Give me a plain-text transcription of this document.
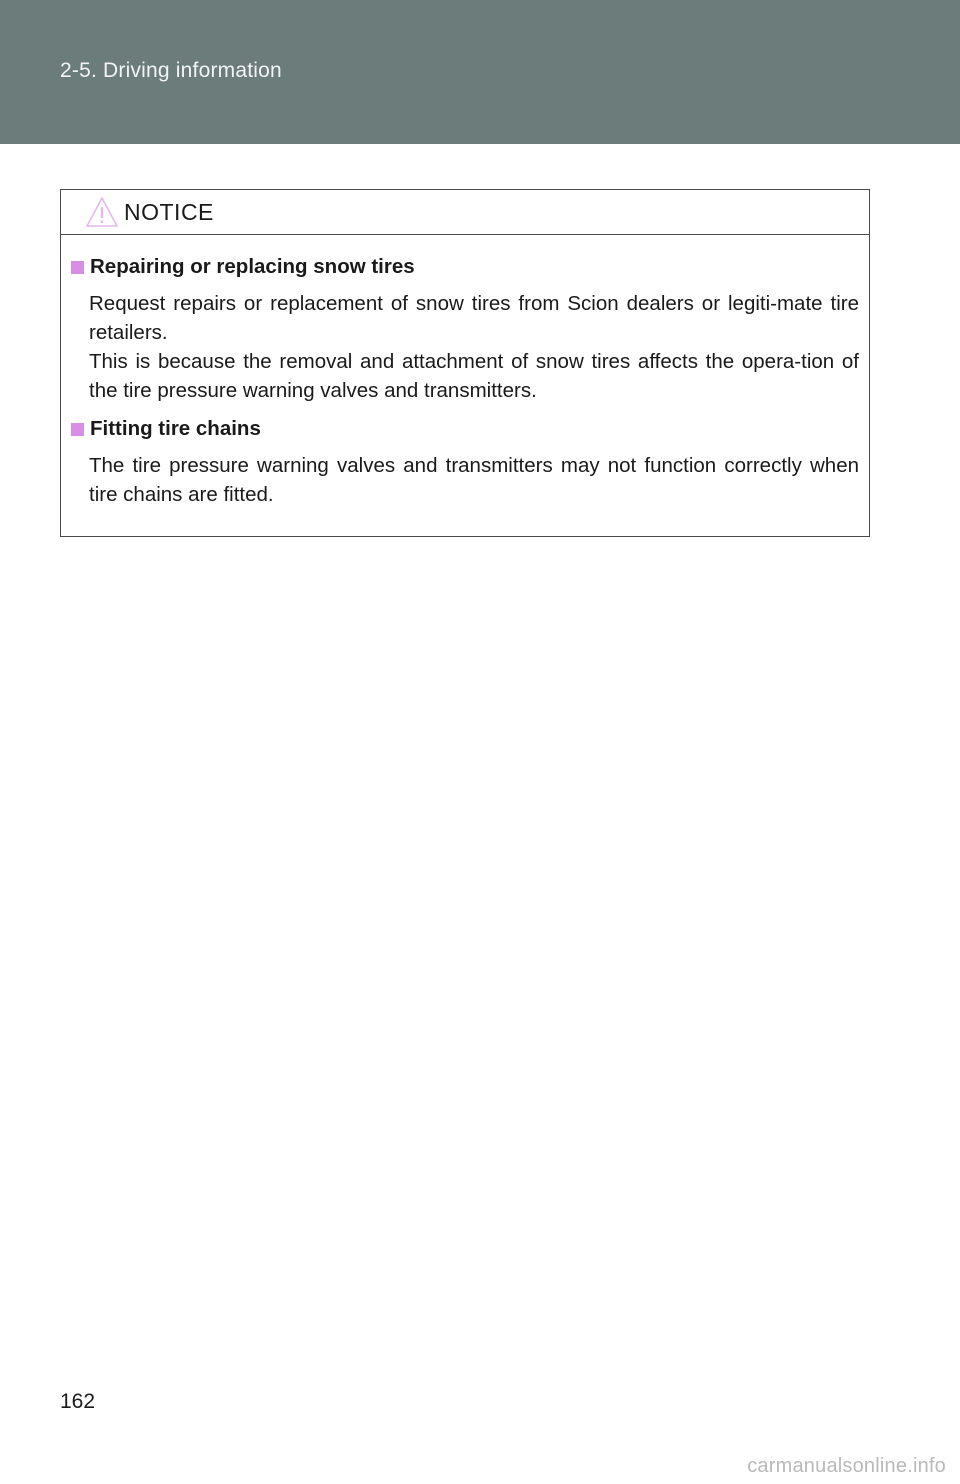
2-5. Driving information
NOTICE
Repairing or replacing snow tires

Request repairs or replacement of snow tires from Scion dealers or legiti-mate tire retailers.

This is because the removal and attachment of snow tires affects the opera-tion of the tire pressure warning valves and transmitters.

Fitting tire chains

The tire pressure warning valves and transmitters may not function correctly when tire chains are fitted.

162
carmanualsonline.info
